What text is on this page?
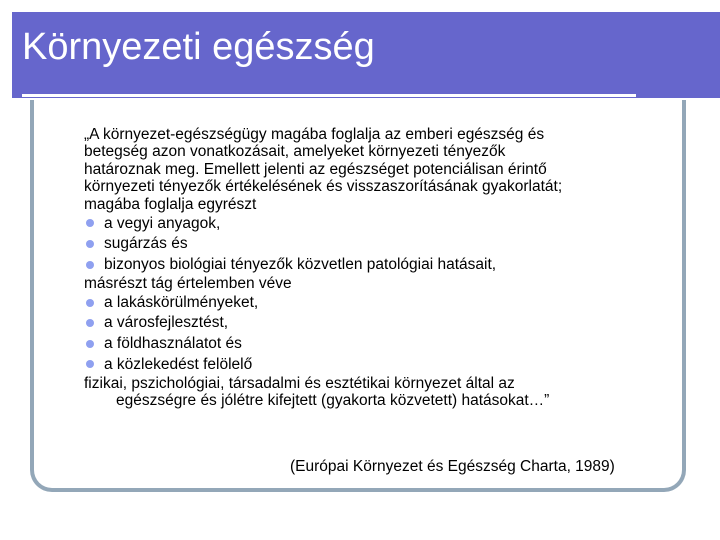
Környezeti egészség

„A környezet-egészségügy magába foglalja az emberi egészség és

betegség azon vonatkozásait, amelyeket környezeti tényezők

határoznak meg. Emellett jelenti az egészséget potenciálisan érintő

környezeti tényezők értékelésének és visszaszorításának gyakorlatát;

magába foglalja egyrészt

a vegyi anyagok,
sugárzás és
bizonyos biológiai tényezők közvetlen patológiai hatásait,

másrészt tág értelemben véve

a lakáskörülményeket,
a városfejlesztést,
a földhasználatot és
a közlekedést felölelő

fizikai, pszichológiai, társadalmi és esztétikai környezet által az

egészségre és jólétre kifejtett (gyakorta közvetett) hatásokat…”

(Európai Környezet és Egészség Charta, 1989)
